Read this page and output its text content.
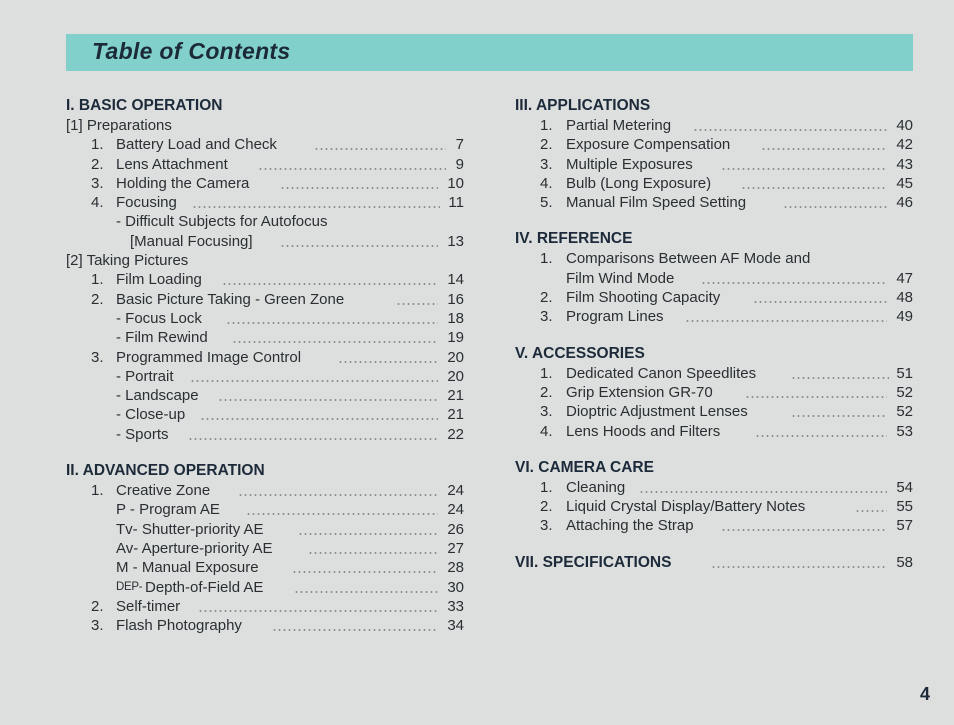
Table of Contents
I. BASIC OPERATION
[1] Preparations
1. Battery Load and Check	7
2. Lens Attachment	9
3. Holding the Camera	10
4. Focusing	11
- Difficult Subjects for Autofocus
[Manual Focusing]	13
[2] Taking Pictures
1. Film Loading	14
2. Basic Picture Taking - Green Zone	16
- Focus Lock	18
- Film Rewind	19
3. Programmed Image Control	20
- Portrait	20
- Landscape	21
- Close-up	21
- Sports	22
II. ADVANCED OPERATION
1. Creative Zone	24
P - Program AE	24
Tv- Shutter-priority AE	26
Av- Aperture-priority AE	27
M - Manual Exposure	28
DEP- Depth-of-Field AE	30
2. Self-timer	33
3. Flash Photography	34
III. APPLICATIONS
1. Partial Metering	40
2. Exposure Compensation	42
3. Multiple Exposures	43
4. Bulb (Long Exposure)	45
5. Manual Film Speed Setting	46
IV. REFERENCE
1. Comparisons Between AF Mode and
Film Wind Mode	47
2. Film Shooting Capacity	48
3. Program Lines	49
V. ACCESSORIES
1. Dedicated Canon Speedlites	51
2. Grip Extension GR-70	52
3. Dioptric Adjustment Lenses	52
4. Lens Hoods and Filters	53
VI. CAMERA CARE
1. Cleaning	54
2. Liquid Crystal Display/Battery Notes	55
3. Attaching the Strap	57
VII. SPECIFICATIONS	58
4
